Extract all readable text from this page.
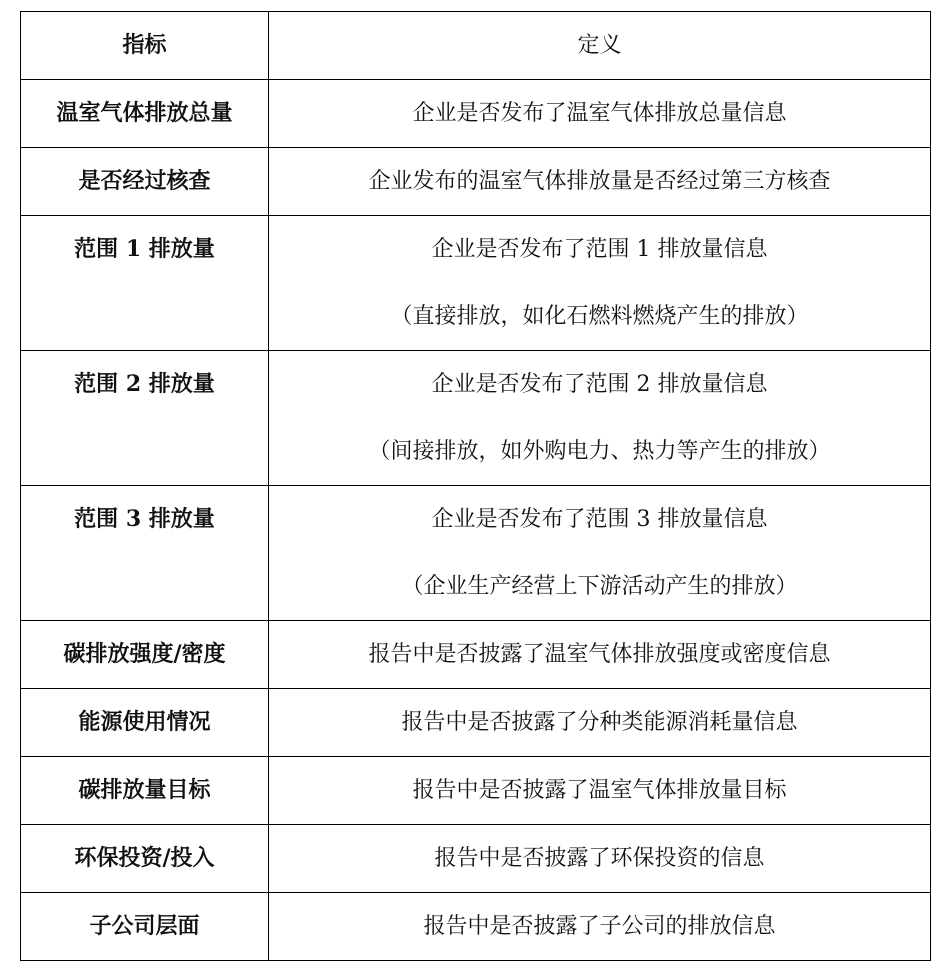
指标	定义
温室气体排放总量	企业是否发布了温室气体排放总量信息

是否经过核查	企业发布的温室气体排放量是否经过第三方核查

范围 1 排放量	企业是否发布了范围 1 排放量信息
（直接排放，如化石燃料燃烧产生的排放）

范围 2 排放量	企业是否发布了范围 2 排放量信息
（间接排放，如外购电力、热力等产生的排放）

范围 3 排放量	企业是否发布了范围 3 排放量信息
（企业生产经营上下游活动产生的排放）

碳排放强度/密度	报告中是否披露了温室气体排放强度或密度信息

能源使用情况	报告中是否披露了分种类能源消耗量信息

碳排放量目标	报告中是否披露了温室气体排放量目标

环保投资/投入	报告中是否披露了环保投资的信息

子公司层面	报告中是否披露了子公司的排放信息
